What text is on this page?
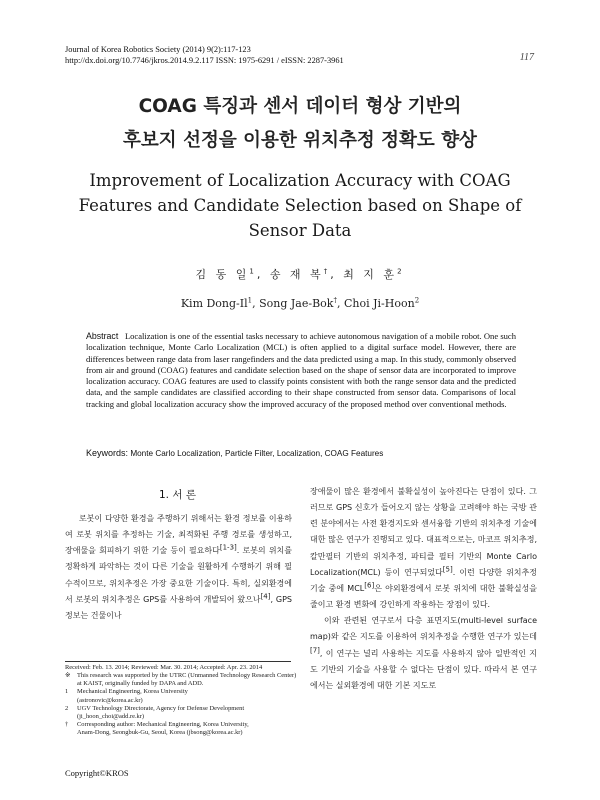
Journal of Korea Robotics Society (2014) 9(2):117-123
http://dx.doi.org/10.7746/jkros.2014.9.2.117 ISSN: 1975-6291 / eISSN: 2287-3961	117
COAG 특징과 센서 데이터 형상 기반의
후보지 선정을 이용한 위치추정 정확도 향상
Improvement of Localization Accuracy with COAG
Features and Candidate Selection based on Shape of
Sensor Data
김 동 일$^1$, 송 재 복†, 최 지 훈$^2$
Kim Dong-Il$^1$, Song Jae-Bok†, Choi Ji-Hoon$^2$
Abstract Localization is one of the essential tasks necessary to achieve autonomous navigation of a mobile robot. One such localization technique, Monte Carlo Localization (MCL) is often applied to a digital surface model. However, there are differences between range data from laser rangefinders and the data predicted using a map. In this study, commonly observed from air and ground (COAG) features and candidate selection based on the shape of sensor data are incorporated to improve localization accuracy. COAG features are used to classify points consistent with both the range sensor data and the predicted data, and the sample candidates are classified according to their shape constructed from sensor data. Comparisons of local tracking and global localization accuracy show the improved accuracy of the proposed method over conventional methods.
Keywords: Monte Carlo Localization, Particle Filter, Localization, COAG Features
1. 서 론

로봇이 다양한 환경을 주행하기 위해서는 환경 정보를 이용하여 로봇 위치를 추정하는 기술, 최적화된 주행 경로를 생성하고, 장애물을 회피하기 위한 기술 등이 필요하다[1-3]. 로봇의 위치를 정확하게 파악하는 것이 다른 기술을 원활하게 수행하기 위해 필수적이므로, 위치추정은 가장 중요한 기술이다. 특히, 실외환경에서 로봇의 위치추정은 GPS를 사용하여 개발되어 왔으나[4], GPS 정보는 건물이나

Received: Feb. 13. 2014; Reviewed: Mar. 30. 2014; Accepted: Apr. 23. 2014
※ This research was supported by the UTRC (Unmanned Technology Research Center) at KAIST, originally funded by DAPA and ADD.
1 Mechanical Engineering, Korea University
(astronovic@korea.ac.kr)
2 UGV Technology Directorate, Agency for Defense Development
(ji_hoon_choi@add.re.kr)
† Corresponding author: Mechanical Engineering, Korea University,
Anam-Dong, Seongbuk-Gu, Seoul, Korea (jbsong@korea.ac.kr)

장애물이 많은 환경에서 불확실성이 높아진다는 단점이 있다. 그러므로 GPS 신호가 들어오지 않는 상황을 고려해야 하는 국방 관련 분야에서는 사전 환경지도와 센서융합 기반의 위치추정 기술에 대한 많은 연구가 진행되고 있다. 대표적으로는, 마코프 위치추정, 칼만필터 기반의 위치추정, 파티클 필터 기반의 Monte Carlo Localization(MCL) 등이 연구되었다[5]. 이런 다양한 위치추정 기술 중에 MCL[6]은 야외환경에서 로봇 위치에 대한 불확실성을 줄이고 환경 변화에 강인하게 작용하는 장점이 있다.

이와 관련된 연구로서 다층 표면지도(multi-level surface map)와 같은 지도를 이용하여 위치추정을 수행한 연구가 있는데[7], 이 연구는 널리 사용하는 지도를 사용하지 않아 일반적인 지도 기반의 기술을 사용할 수 없다는 단점이 있다. 따라서 본 연구에서는 실외환경에 대한 기본 지도로

Copyright©KROS
